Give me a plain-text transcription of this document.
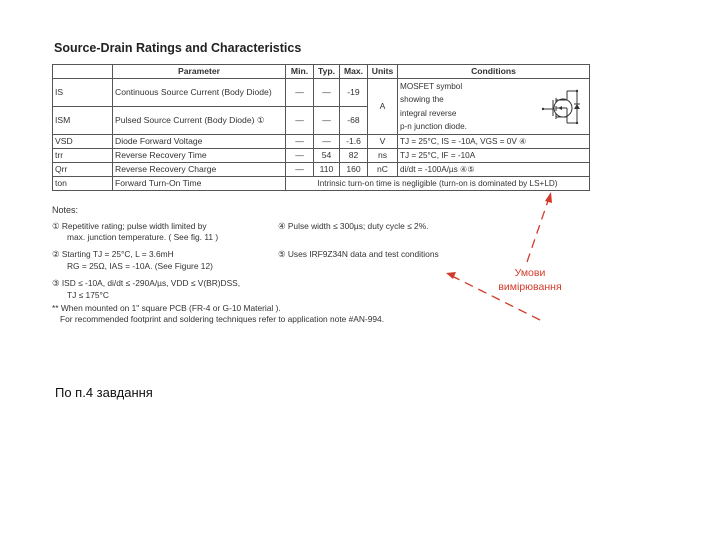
Source-Drain Ratings and Characteristics
	Parameter	Min.	Typ.	Max.	Units	Conditions
IS	Continuous Source Current (Body Diode)	—	—	-19	A	MOSFET symbol
showing the
integral reverse
p-n junction diode.

ISM	Pulsed Source Current (Body Diode) ①	—	—	-68		
VSD	Diode Forward Voltage	—	—	-1.6	V	TJ = 25°C, IS = -10A, VGS = 0V ④
trr	Reverse Recovery Time	—	54	82	ns	TJ = 25°C, IF = -10A
Qrr	Reverse Recovery Charge	—	110	160	nC	di/dt = -100A/µs ④⑤
ton	Forward Turn-On Time	Intrinsic turn-on time is negligible (turn-on is dominated by LS+LD)				
Notes:
① Repetitive rating; pulse width limited by
max. junction temperature. ( See fig. 11 )
② Starting TJ = 25°C, L = 3.6mH
RG = 25Ω, IAS = -10A. (See Figure 12)
③ ISD ≤ -10A, di/dt ≤ -290A/µs, VDD ≤ V(BR)DSS,
TJ ≤ 175°C
④ Pulse width ≤ 300µs; duty cycle ≤ 2%.
⑤ Uses IRF9Z34N data and test conditions
** When mounted on 1" square PCB (FR-4 or G-10 Material ).
For recommended footprint and soldering techniques refer to application note #AN-994.
Умови
вимірювання
По п.4 завдання
